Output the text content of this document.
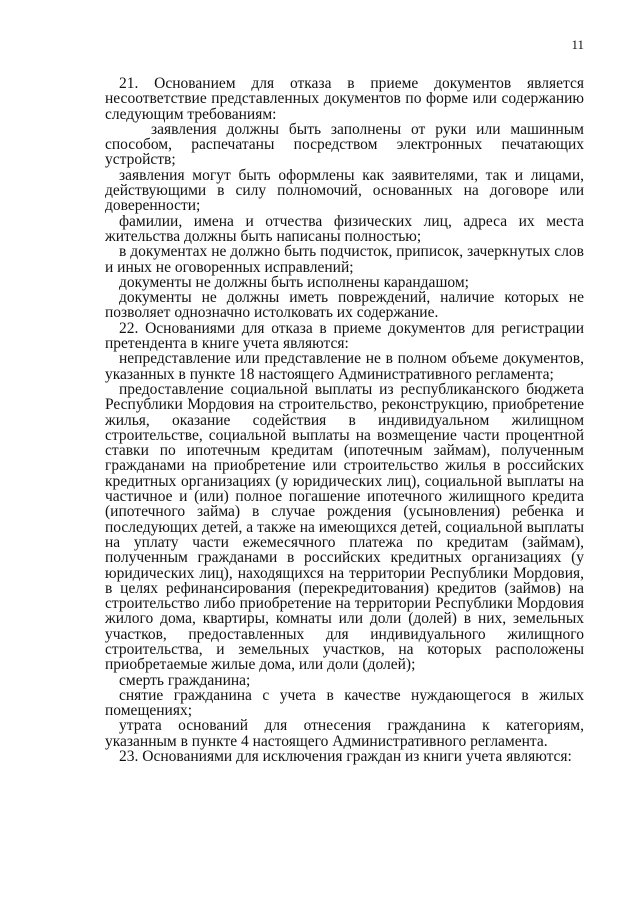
11

21. Основанием для отказа в приеме документов является несоответствие представленных документов по форме или содержанию следующим требованиям:

заявления должны быть заполнены от руки или машинным способом, распечатаны посредством электронных печатающих устройств;

заявления могут быть оформлены как заявителями, так и лицами, действующими в силу полномочий, основанных на договоре или доверенности;

фамилии, имена и отчества физических лиц, адреса их места жительства должны быть написаны полностью;

в документах не должно быть подчисток, приписок, зачеркнутых слов и иных не оговоренных исправлений;

документы не должны быть исполнены карандашом;

документы не должны иметь повреждений, наличие которых не позволяет однозначно истолковать их содержание.

22. Основаниями для отказа в приеме документов для регистрации претендента в книге учета являются:

непредставление или представление не в полном объеме документов, указанных в пункте 18 настоящего Административного регламента;

предоставление социальной выплаты из республиканского бюджета Республики Мордовия на строительство, реконструкцию, приобретение жилья, оказание содействия в индивидуальном жилищном строительстве, социальной выплаты на возмещение части процентной ставки по ипотечным кредитам (ипотечным займам), полученным гражданами на приобретение или строительство жилья в российских кредитных организациях (у юридических лиц), социальной выплаты на частичное и (или) полное погашение ипотечного жилищного кредита (ипотечного займа) в случае рождения (усыновления) ребенка и последующих детей, а также на имеющихся детей, социальной выплаты на уплату части ежемесячного платежа по кредитам (займам), полученным гражданами в российских кредитных организациях (у юридических лиц), находящихся на территории Республики Мордовия, в целях рефинансирования (перекредитования) кредитов (займов) на строительство либо приобретение на территории Республики Мордовия жилого дома, квартиры, комнаты или доли (долей) в них, земельных участков, предоставленных для индивидуального жилищного строительства, и земельных участков, на которых расположены приобретаемые жилые дома, или доли (долей);

смерть гражданина;

снятие гражданина с учета в качестве нуждающегося в жилых помещениях;

утрата оснований для отнесения гражданина к категориям, указанным в пункте 4 настоящего Административного регламента.

23. Основаниями для исключения граждан из книги учета являются:
